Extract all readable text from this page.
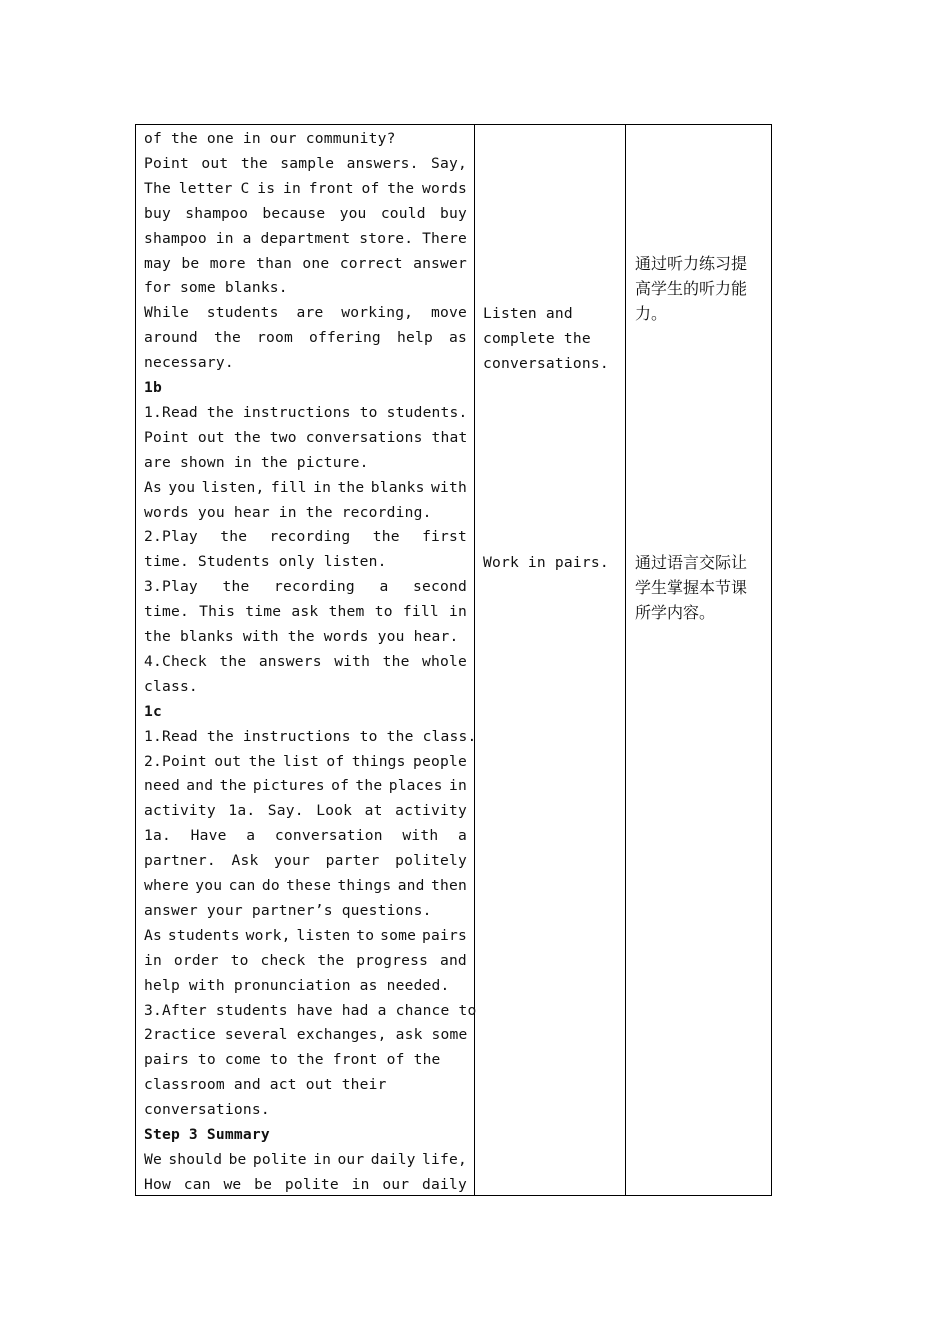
of the one in our community?
Point out the sample answers. Say,
The letter C is in front of the words
buy shampoo because you could buy
shampoo in a department store. There
may be more than one correct answer
for some blanks.
While students are working, move
around the room offering help as
necessary.
1b
1.Read the instructions to students.
Point out the two conversations that
are shown in the picture.
As you listen, fill in the blanks with
words you hear in the recording.
2.Play the recording the first
time. Students only listen.
3.Play the recording a second
time. This time ask them to fill in
the blanks with the words you hear.
4.Check the answers with the whole
class.
1c
1.Read the instructions to the class.
2.Point out the list of things people
need and the pictures of the places in
activity 1a. Say. Look at activity
1a. Have a conversation with a
partner. Ask your parter politely
where you can do these things and then
answer your partner’s questions.
As students work, listen to some pairs
in order to check the progress and
help with pronunciation as needed.
3.After students have had a chance to
2ractice several exchanges, ask some
pairs to come to the front of the
classroom and act out their
conversations.
Step 3 Summary
We should be polite in our daily life,
How can we be polite in our daily
Listen and
complete the
conversations.
Work in pairs.
通过听力练习提
高学生的听力能
力。
通过语言交际让
学生掌握本节课
所学内容。
